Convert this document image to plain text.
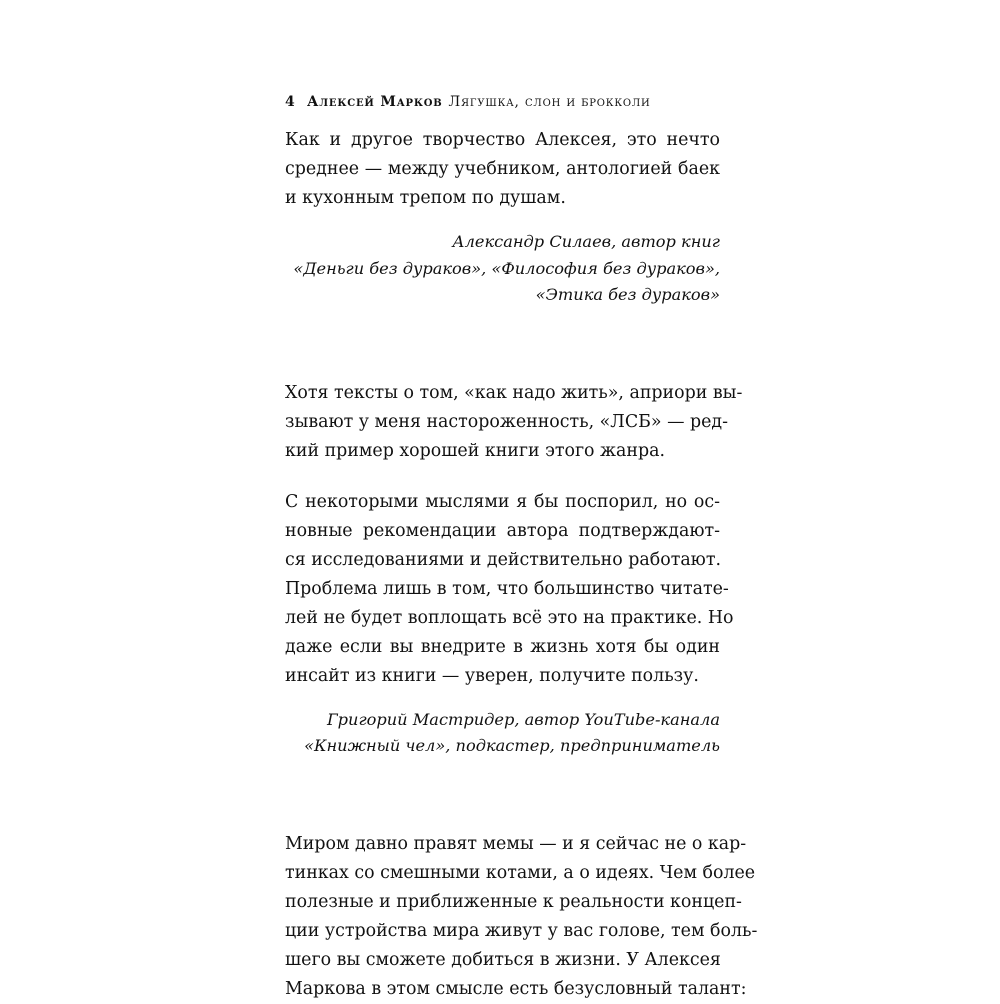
4 Алексей Марков Лягушка, слон и брокколи
Как и другое творчество Алексея, это нечто
среднее — между учебником, антологией баек
и кухонным трепом по душам.
Александр Силаев, автор книг
«Деньги без дураков», «Философия без дураков»,
«Этика без дураков»
Хотя тексты о том, «как надо жить», априори вы-
зывают у меня настороженность, «ЛСБ» — ред-
кий пример хорошей книги этого жанра.
С некоторыми мыслями я бы поспорил, но ос-
новные рекомендации автора подтверждают-
ся исследованиями и действительно работают.
Проблема лишь в том, что большинство читате-
лей не будет воплощать всё это на практике. Но
даже если вы внедрите в жизнь хотя бы один
инсайт из книги — уверен, получите пользу.
Григорий Мастридер, автор YouTube-канала
«Книжный чел», подкастер, предприниматель
Миром давно правят мемы — и я сейчас не о кар-
тинках со смешными котами, а о идеях. Чем более
полезные и приближенные к реальности концеп-
ции устройства мира живут у вас голове, тем боль-
шего вы сможете добиться в жизни. У Алексея
Маркова в этом смысле есть безусловный талант:
